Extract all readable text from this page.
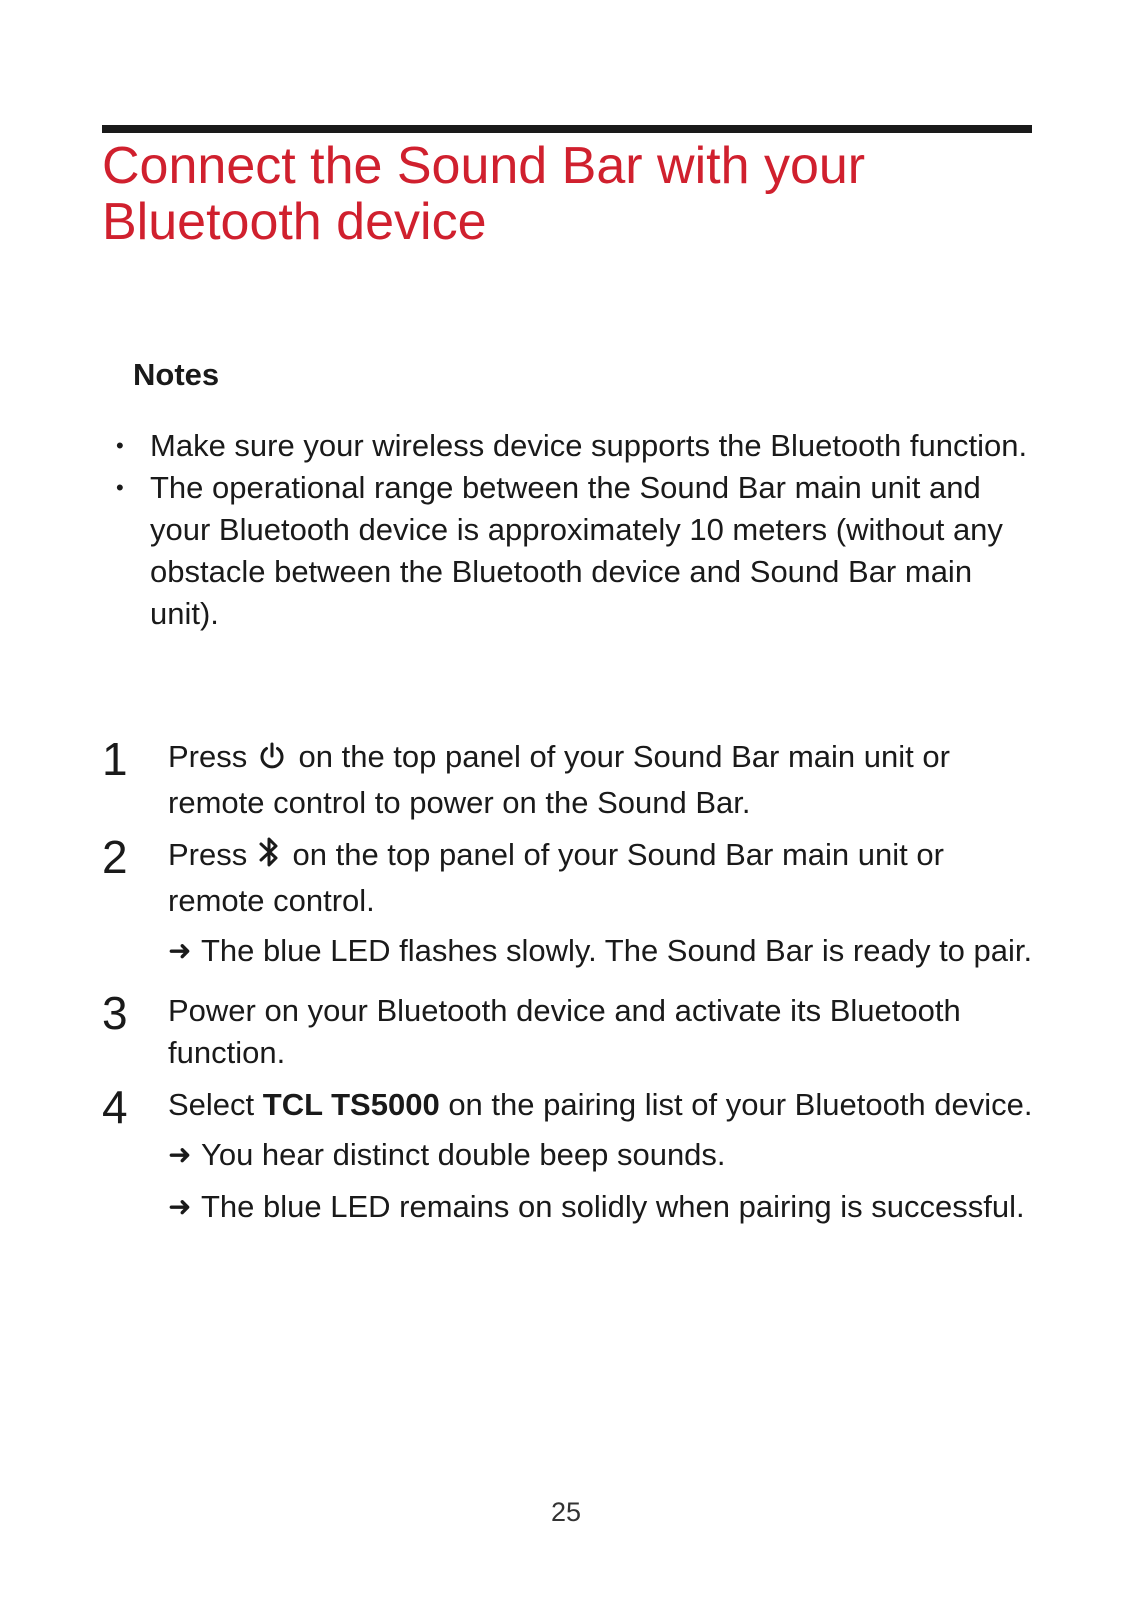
Connect the Sound Bar with your Bluetooth device
Notes
• Make sure your wireless device supports the Bluetooth function.
• The operational range between the Sound Bar main unit and your Bluetooth device is approximately 10 meters (without any obstacle between the Bluetooth device and Sound Bar main unit).
1	Press on the top panel of your Sound Bar main unit or remote control to power on the Sound Bar.
2	Press on the top panel of your Sound Bar main unit or remote control.
➜ The blue LED flashes slowly. The Sound Bar is ready to pair.
3	Power on your Bluetooth device and activate its Bluetooth function.
4	Select TCL TS5000 on the pairing list of your Bluetooth device.
➜ You hear distinct double beep sounds.
➜ The blue LED remains on solidly when pairing is successful.
25
